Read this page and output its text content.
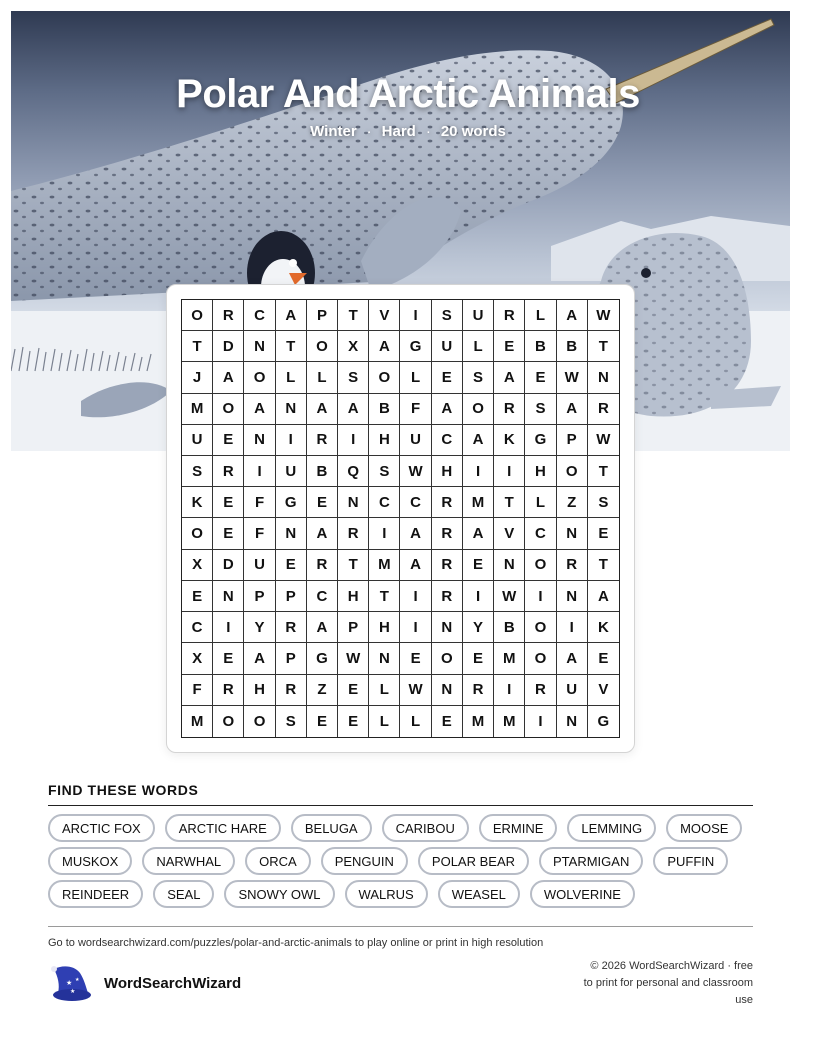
Polar And Arctic Animals
Winter · Hard · 20 words
O	R	C	A	P	T	V	I	S	U	R	L	A	W
T	D	N	T	O	X	A	G	U	L	E	B	B	T
J	A	O	L	L	S	O	L	E	S	A	E	W	N
M	O	A	N	A	A	B	F	A	O	R	S	A	R
U	E	N	I	R	I	H	U	C	A	K	G	P	W
S	R	I	U	B	Q	S	W	H	I	I	H	O	T
K	E	F	G	E	N	C	C	R	M	T	L	Z	S
O	E	F	N	A	R	I	A	R	A	V	C	N	E
X	D	U	E	R	T	M	A	R	E	N	O	R	T
E	N	P	P	C	H	T	I	R	I	W	I	N	A
C	I	Y	R	A	P	H	I	N	Y	B	O	I	K
X	E	A	P	G	W	N	E	O	E	M	O	A	E
F	R	H	R	Z	E	L	W	N	R	I	R	U	V
M	O	O	S	E	E	L	L	E	M	M	I	N	G
FIND THESE WORDS
ARCTIC FOX	ARCTIC HARE	BELUGA	CARIBOU	ERMINE	LEMMING	MOOSE
MUSKOX	NARWHAL	ORCA	PENGUIN	POLAR BEAR	PTARMIGAN	PUFFIN
REINDEER	SEAL	SNOWY OWL	WALRUS	WEASEL	WOLVERINE
Go to wordsearchwizard.com/puzzles/polar-and-arctic-animals to play online or print in high resolution
★ ★
★
WordSearchWizard
© 2026 WordSearchWizard · free to print for personal and classroom use
